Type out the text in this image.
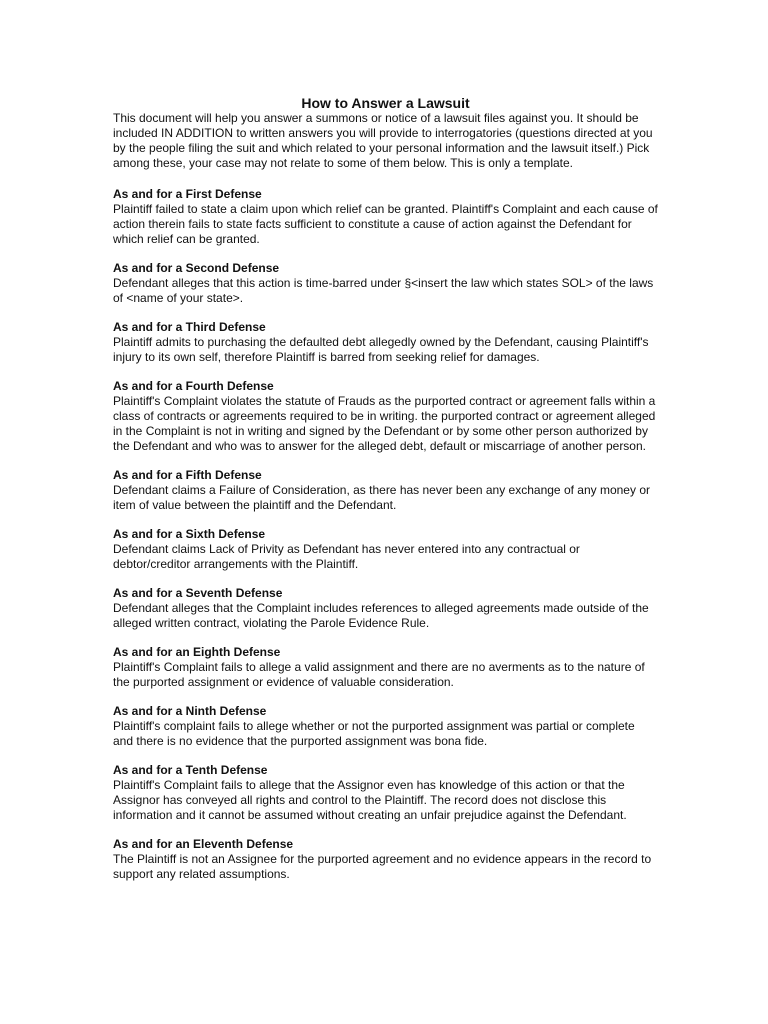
How to Answer a Lawsuit

This document will help you answer a summons or notice of a lawsuit files against you. It should be included IN ADDITION to written answers you will provide to interrogatories (questions directed at you by the people filing the suit and which related to your personal information and the lawsuit itself.) Pick among these, your case may not relate to some of them below. This is only a template.

As and for a First Defense

Plaintiff failed to state a claim upon which relief can be granted. Plaintiff's Complaint and each cause of action therein fails to state facts sufficient to constitute a cause of action against the Defendant for which relief can be granted.

As and for a Second Defense

Defendant alleges that this action is time-barred under §<insert the law which states SOL> of the laws of <name of your state>.

As and for a Third Defense

Plaintiff admits to purchasing the defaulted debt allegedly owned by the Defendant, causing Plaintiff's injury to its own self, therefore Plaintiff is barred from seeking relief for damages.

As and for a Fourth Defense

Plaintiff's Complaint violates the statute of Frauds as the purported contract or agreement falls within a class of contracts or agreements required to be in writing. the purported contract or agreement alleged in the Complaint is not in writing and signed by the Defendant or by some other person authorized by the Defendant and who was to answer for the alleged debt, default or miscarriage of another person.

As and for a Fifth Defense

Defendant claims a Failure of Consideration, as there has never been any exchange of any money or item of value between the plaintiff and the Defendant.

As and for a Sixth Defense

Defendant claims Lack of Privity as Defendant has never entered into any contractual or debtor/creditor arrangements with the Plaintiff.

As and for a Seventh Defense

Defendant alleges that the Complaint includes references to alleged agreements made outside of the alleged written contract, violating the Parole Evidence Rule.

As and for an Eighth Defense

Plaintiff's Complaint fails to allege a valid assignment and there are no averments as to the nature of the purported assignment or evidence of valuable consideration.

As and for a Ninth Defense

Plaintiff's complaint fails to allege whether or not the purported assignment was partial or complete and there is no evidence that the purported assignment was bona fide.

As and for a Tenth Defense

Plaintiff's Complaint fails to allege that the Assignor even has knowledge of this action or that the Assignor has conveyed all rights and control to the Plaintiff. The record does not disclose this information and it cannot be assumed without creating an unfair prejudice against the Defendant.

As and for an Eleventh Defense

The Plaintiff is not an Assignee for the purported agreement and no evidence appears in the record to support any related assumptions.
